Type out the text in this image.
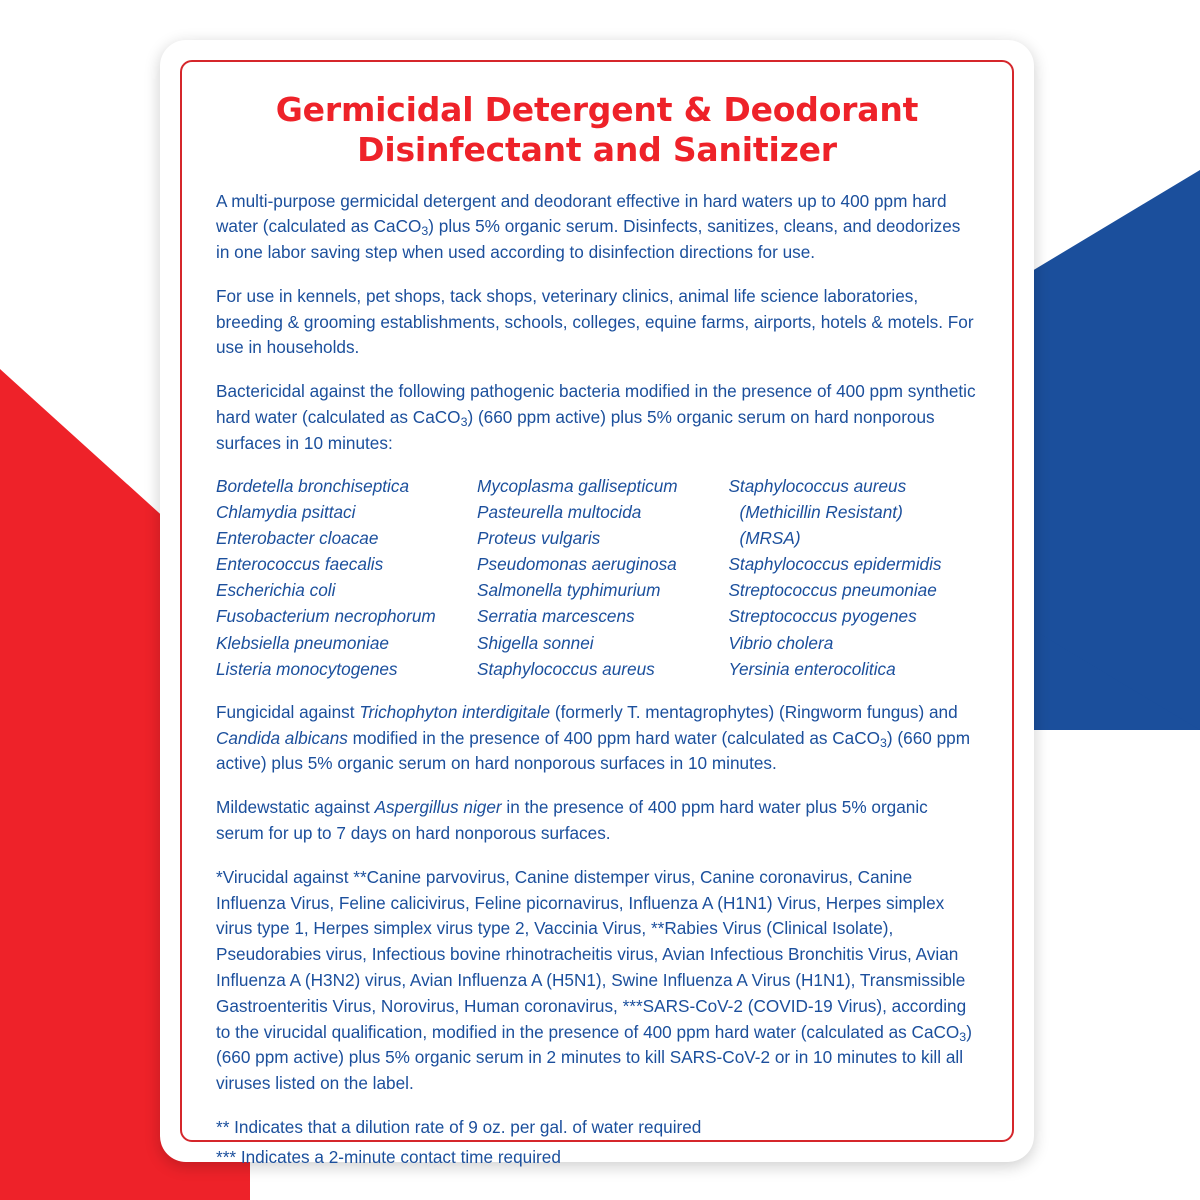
Germicidal Detergent & Deodorant
Disinfectant and Sanitizer

A multi-purpose germicidal detergent and deodorant effective in hard waters up to 400 ppm hard water (calculated as CaCO$_3$) plus 5% organic serum. Disinfects, sanitizes, cleans, and deodorizes in one labor saving step when used according to disinfection directions for use.

For use in kennels, pet shops, tack shops, veterinary clinics, animal life science laboratories, breeding & grooming establishments, schools, colleges, equine farms, airports, hotels & motels. For use in households.

Bactericidal against the following pathogenic bacteria modified in the presence of 400 ppm synthetic hard water (calculated as CaCO$_3$) (660 ppm active) plus 5% organic serum on hard nonporous surfaces in 10 minutes:

Bordetella bronchiseptica
Chlamydia psittaci
Enterobacter cloacae
Enterococcus faecalis
Escherichia coli
Fusobacterium necrophorum
Klebsiella pneumoniae
Listeria monocytogenes
Mycoplasma gallisepticum
Pasteurella multocida
Proteus vulgaris
Pseudomonas aeruginosa
Salmonella typhimurium
Serratia marcescens
Shigella sonnei
Staphylococcus aureus
Staphylococcus aureus
(Methicillin Resistant)
(MRSA)
Staphylococcus epidermidis
Streptococcus pneumoniae
Streptococcus pyogenes
Vibrio cholera
Yersinia enterocolitica

Fungicidal against Trichophyton interdigitale (formerly T. mentagrophytes) (Ringworm fungus) and Candida albicans modified in the presence of 400 ppm hard water (calculated as CaCO$_3$) (660 ppm active) plus 5% organic serum on hard nonporous surfaces in 10 minutes.

Mildewstatic against Aspergillus niger in the presence of 400 ppm hard water plus 5% organic serum for up to 7 days on hard nonporous surfaces.

*Virucidal against **Canine parvovirus, Canine distemper virus, Canine coronavirus, Canine Influenza Virus, Feline calicivirus, Feline picornavirus, Influenza A (H1N1) Virus, Herpes simplex virus type 1, Herpes simplex virus type 2, Vaccinia Virus, **Rabies Virus (Clinical Isolate), Pseudorabies virus, Infectious bovine rhinotracheitis virus, Avian Infectious Bronchitis Virus, Avian Influenza A (H3N2) virus, Avian Influenza A (H5N1), Swine Influenza A Virus (H1N1), Transmissible Gastroenteritis Virus, Norovirus, Human coronavirus, ***SARS-CoV-2 (COVID-19 Virus), according to the virucidal qualification, modified in the presence of 400 ppm hard water (calculated as CaCO$_3$) (660 ppm active) plus 5% organic serum in 2 minutes to kill SARS-CoV-2 or in 10 minutes to kill all viruses listed on the label.

** Indicates that a dilution rate of 9 oz. per gal. of water required

*** Indicates a 2-minute contact time required
